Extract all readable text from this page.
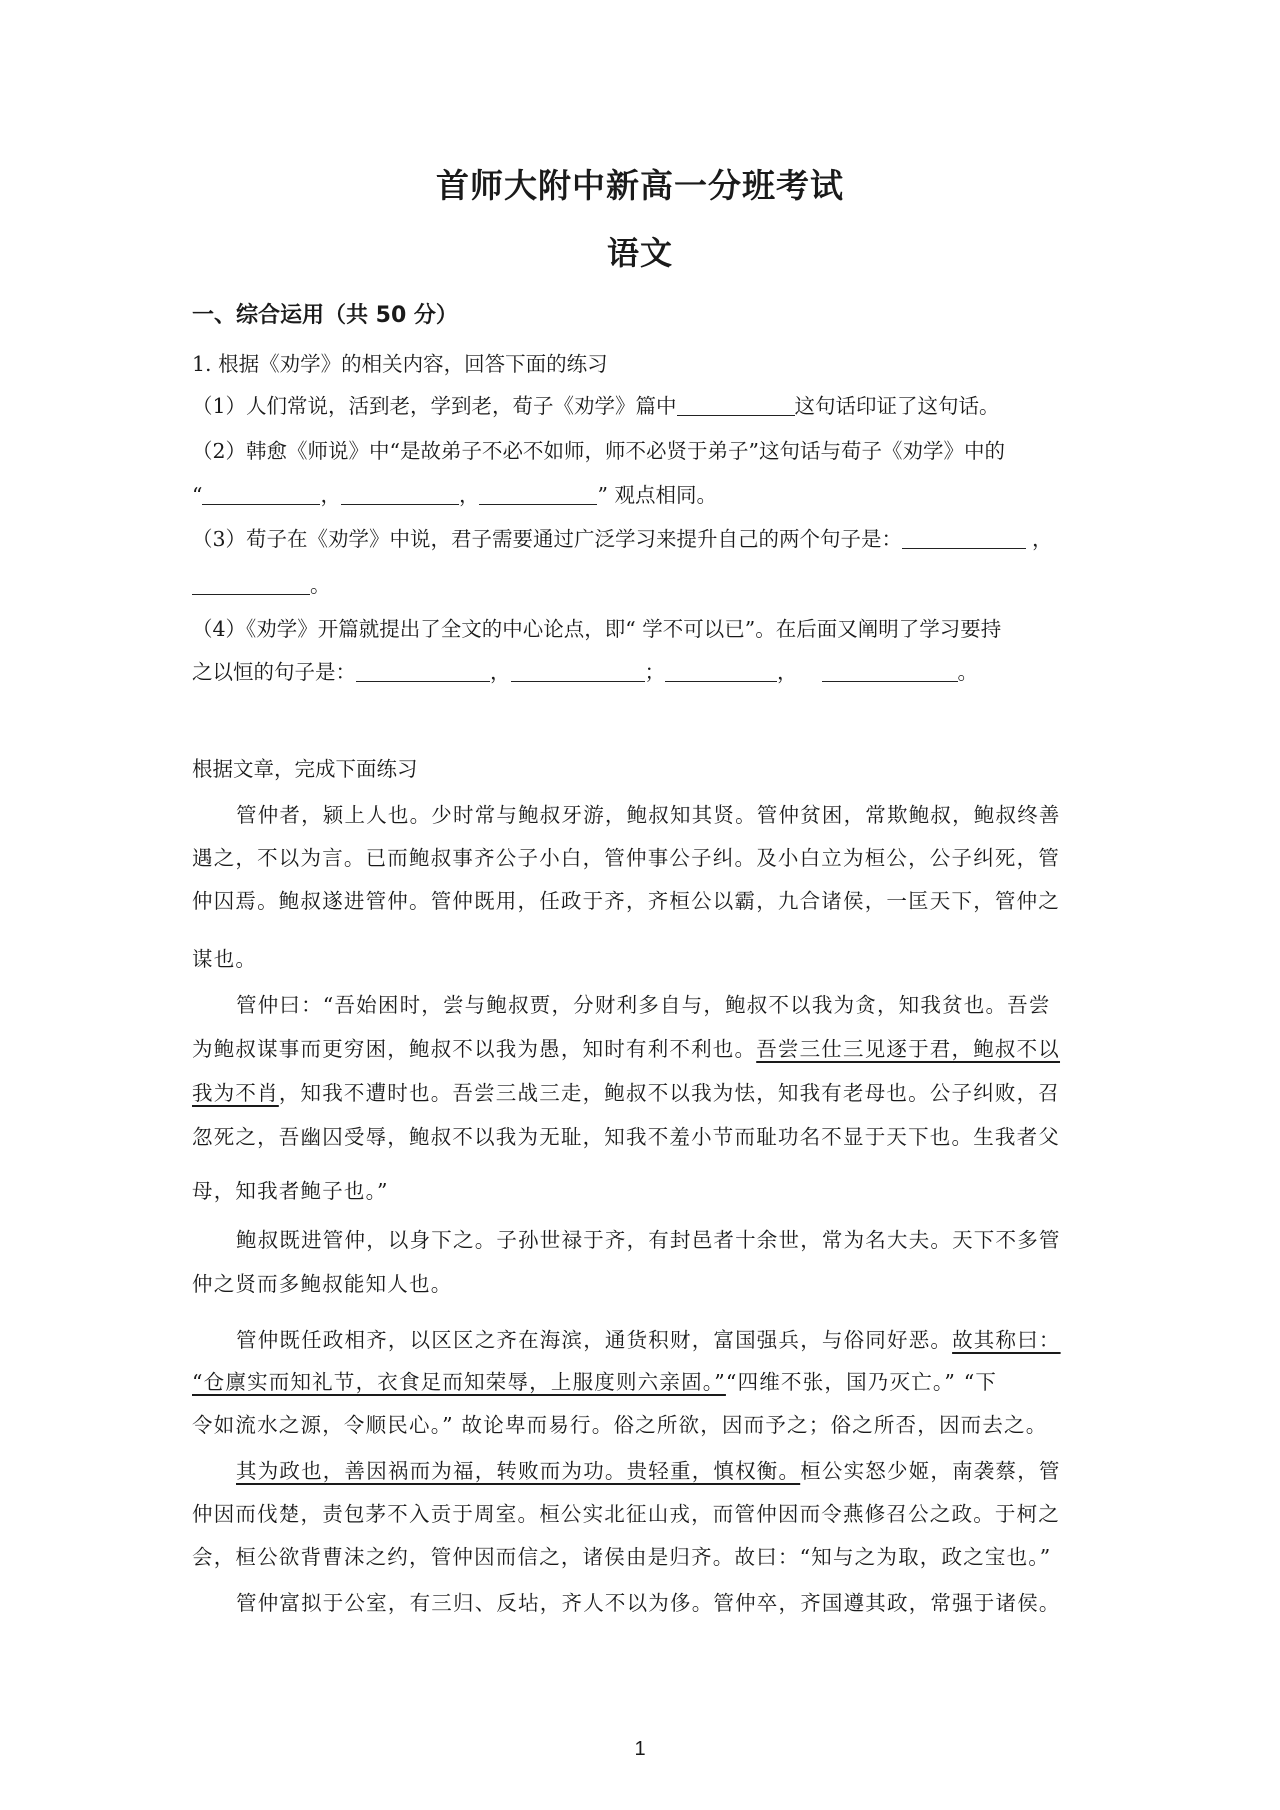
首师大附中新高一分班考试
语文
一、综合运用（共 50 分）
1. 根据《劝学》的相关内容，回答下面的练习
（1）人们常说，活到老，学到老，荀子《劝学》篇中	这句话印证了这句话。
（2）韩愈《师说》中“是故弟子不必不如师，师不必贤于弟子”这句话与荀子《劝学》中的
“	，	，	” 观点相同。
（3）荀子在《劝学》中说，君子需要通过广泛学习来提升自己的两个句子是：	，
。
（4）《劝学》开篇就提出了全文的中心论点，即“ 学不可以已”。在后面又阐明了学习要持
之以恒的句子是：	，	；	，	。
根据文章，完成下面练习
管仲者，颍上人也。少时常与鲍叔牙游，鲍叔知其贤。管仲贫困，常欺鲍叔，鲍叔终善
遇之，不以为言。已而鲍叔事齐公子小白，管仲事公子纠。及小白立为桓公，公子纠死，管
仲囚焉。鲍叔遂进管仲。管仲既用，任政于齐，齐桓公以霸，九合诸侯，一匡天下，管仲之
谋也。
管仲曰：“吾始困时，尝与鲍叔贾，分财利多自与，鲍叔不以我为贪，知我贫也。吾尝
为鲍叔谋事而更穷困，鲍叔不以我为愚，知时有利不利也。吾尝三仕三见逐于君，鲍叔不以
我为不肖，知我不遭时也。吾尝三战三走，鲍叔不以我为怯，知我有老母也。公子纠败，召
忽死之，吾幽囚受辱，鲍叔不以我为无耻，知我不羞小节而耻功名不显于天下也。生我者父
母，知我者鲍子也。”
鲍叔既进管仲，以身下之。子孙世禄于齐，有封邑者十余世，常为名大夫。天下不多管
仲之贤而多鲍叔能知人也。
管仲既任政相齐，以区区之齐在海滨，通货积财，富国强兵，与俗同好恶。故其称曰：
“仓廪实而知礼节，衣食足而知荣辱，上服度则六亲固。”“四维不张，国乃灭亡。” “下
令如流水之源，令顺民心。” 故论卑而易行。俗之所欲，因而予之；俗之所否，因而去之。
其为政也，善因祸而为福，转败而为功。贵轻重，慎权衡。桓公实怒少姬，南袭蔡，管
仲因而伐楚，责包茅不入贡于周室。桓公实北征山戎，而管仲因而令燕修召公之政。于柯之
会，桓公欲背曹沫之约，管仲因而信之，诸侯由是归齐。故曰：“知与之为取，政之宝也。”
管仲富拟于公室，有三归、反坫，齐人不以为侈。管仲卒，齐国遵其政，常强于诸侯。
1
